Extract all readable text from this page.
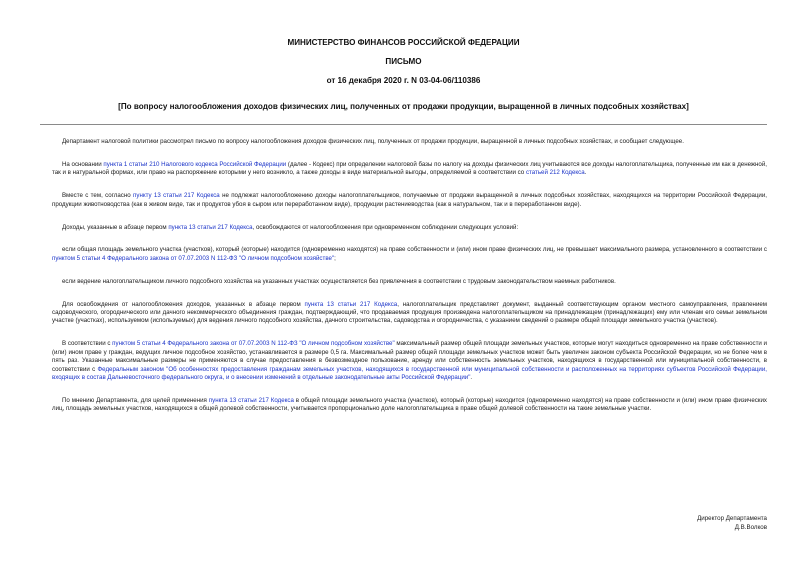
МИНИСТЕРСТВО ФИНАНСОВ РОССИЙСКОЙ ФЕДЕРАЦИИ
ПИСЬМО
от 16 декабря 2020 г. N 03-04-06/110386
[По вопросу налогообложения доходов физических лиц, полученных от продажи продукции, выращенной в личных подсобных хозяйствах]

Департамент налоговой политики рассмотрел письмо по вопросу налогообложения доходов физических лиц, полученных от продажи продукции, выращенной в личных подсобных хозяйствах, и сообщает следующее.

На основании пункта 1 статьи 210 Налогового кодекса Российской Федерации (далее - Кодекс) при определении налоговой базы по налогу на доходы физических лиц учитываются все доходы налогоплательщика, полученные им как в денежной, так и в натуральной формах, или право на распоряжение которыми у него возникло, а также доходы в виде материальной выгоды, определяемой в соответствии со статьей 212 Кодекса.

Вместе с тем, согласно пункту 13 статьи 217 Кодекса не подлежат налогообложению доходы налогоплательщиков, получаемые от продажи выращенной в личных подсобных хозяйствах, находящихся на территории Российской Федерации, продукции животноводства (как в живом виде, так и продуктов убоя в сыром или переработанном виде), продукции растениеводства (как в натуральном, так и в переработанном виде).

Доходы, указанные в абзаце первом пункта 13 статьи 217 Кодекса, освобождаются от налогообложения при одновременном соблюдении следующих условий:

если общая площадь земельного участка (участков), который (которые) находится (одновременно находятся) на праве собственности и (или) ином праве физических лиц, не превышает максимального размера, установленного в соответствии с пунктом 5 статьи 4 Федерального закона от 07.07.2003 N 112-ФЗ "О личном подсобном хозяйстве";

если ведение налогоплательщиком личного подсобного хозяйства на указанных участках осуществляется без привлечения в соответствии с трудовым законодательством наемных работников.

Для освобождения от налогообложения доходов, указанных в абзаце первом пункта 13 статьи 217 Кодекса, налогоплательщик представляет документ, выданный соответствующим органом местного самоуправления, правлением садоводческого, огороднического или дачного некоммерческого объединения граждан, подтверждающий, что продаваемая продукция произведена налогоплательщиком на принадлежащем (принадлежащих) ему или членам его семьи земельном участке (участках), используемом (используемых) для ведения личного подсобного хозяйства, дачного строительства, садоводства и огородничества, с указанием сведений о размере общей площади земельного участка (участков).

В соответствии с пунктом 5 статьи 4 Федерального закона от 07.07.2003 N 112-ФЗ "О личном подсобном хозяйстве" максимальный размер общей площади земельных участков, которые могут находиться одновременно на праве собственности и (или) ином праве у граждан, ведущих личное подсобное хозяйство, устанавливается в размере 0,5 га. Максимальный размер общей площади земельных участков может быть увеличен законом субъекта Российской Федерации, но не более чем в пять раз. Указанные максимальные размеры не применяются в случае предоставления в безвозмездное пользование, аренду или собственность земельных участков, находящихся в государственной или муниципальной собственности, в соответствии с Федеральным законом "Об особенностях предоставления гражданам земельных участков, находящихся в государственной или муниципальной собственности и расположенных на территориях субъектов Российской Федерации, входящих в состав Дальневосточного федерального округа, и о внесении изменений в отдельные законодательные акты Российской Федерации".

По мнению Департамента, для целей применения пункта 13 статьи 217 Кодекса в общей площади земельного участка (участков), который (которые) находится (одновременно находятся) на праве собственности и (или) ином праве физических лиц, площадь земельных участков, находящихся в общей долевой собственности, учитывается пропорционально доле налогоплательщика в праве общей долевой собственности на такие земельные участки.

Директор Департамента
Д.В.Волков
